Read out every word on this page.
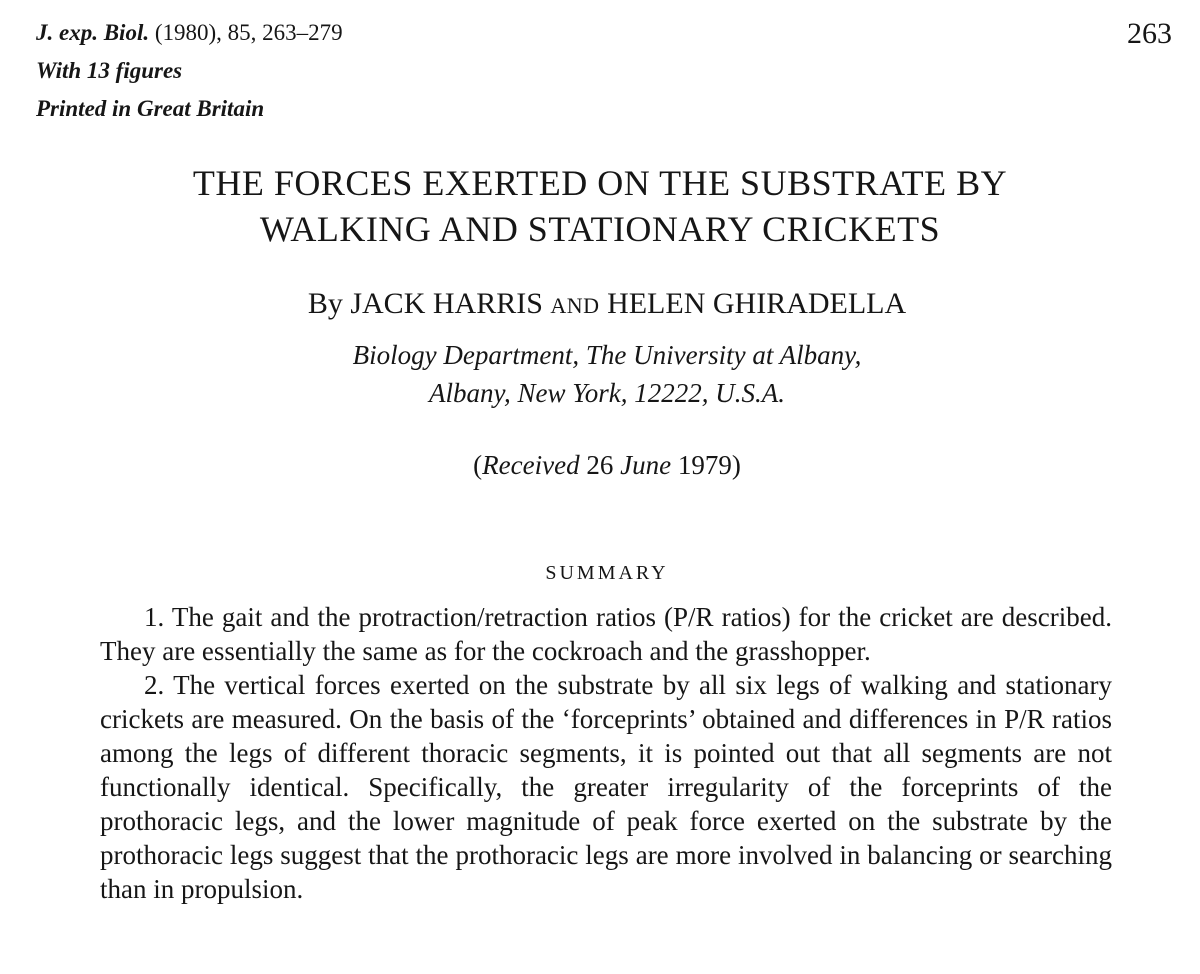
J. exp. Biol. (1980), 85, 263–279
With 13 figures
Printed in Great Britain
263
THE FORCES EXERTED ON THE SUBSTRATE BY
WALKING AND STATIONARY CRICKETS
By JACK HARRIS AND HELEN GHIRADELLA
Biology Department, The University at Albany,
Albany, New York, 12222, U.S.A.
(Received 26 June 1979)
SUMMARY

1. The gait and the protraction/retraction ratios (P/R ratios) for the cricket are described. They are essentially the same as for the cockroach and the grasshopper.

2. The vertical forces exerted on the substrate by all six legs of walking and stationary crickets are measured. On the basis of the ‘forceprints’ obtained and differences in P/R ratios among the legs of different thoracic segments, it is pointed out that all segments are not functionally identical. Specifically, the greater irregularity of the forceprints of the prothoracic legs, and the lower magnitude of peak force exerted on the substrate by the prothoracic legs suggest that the prothoracic legs are more involved in balancing or searching than in propulsion.
